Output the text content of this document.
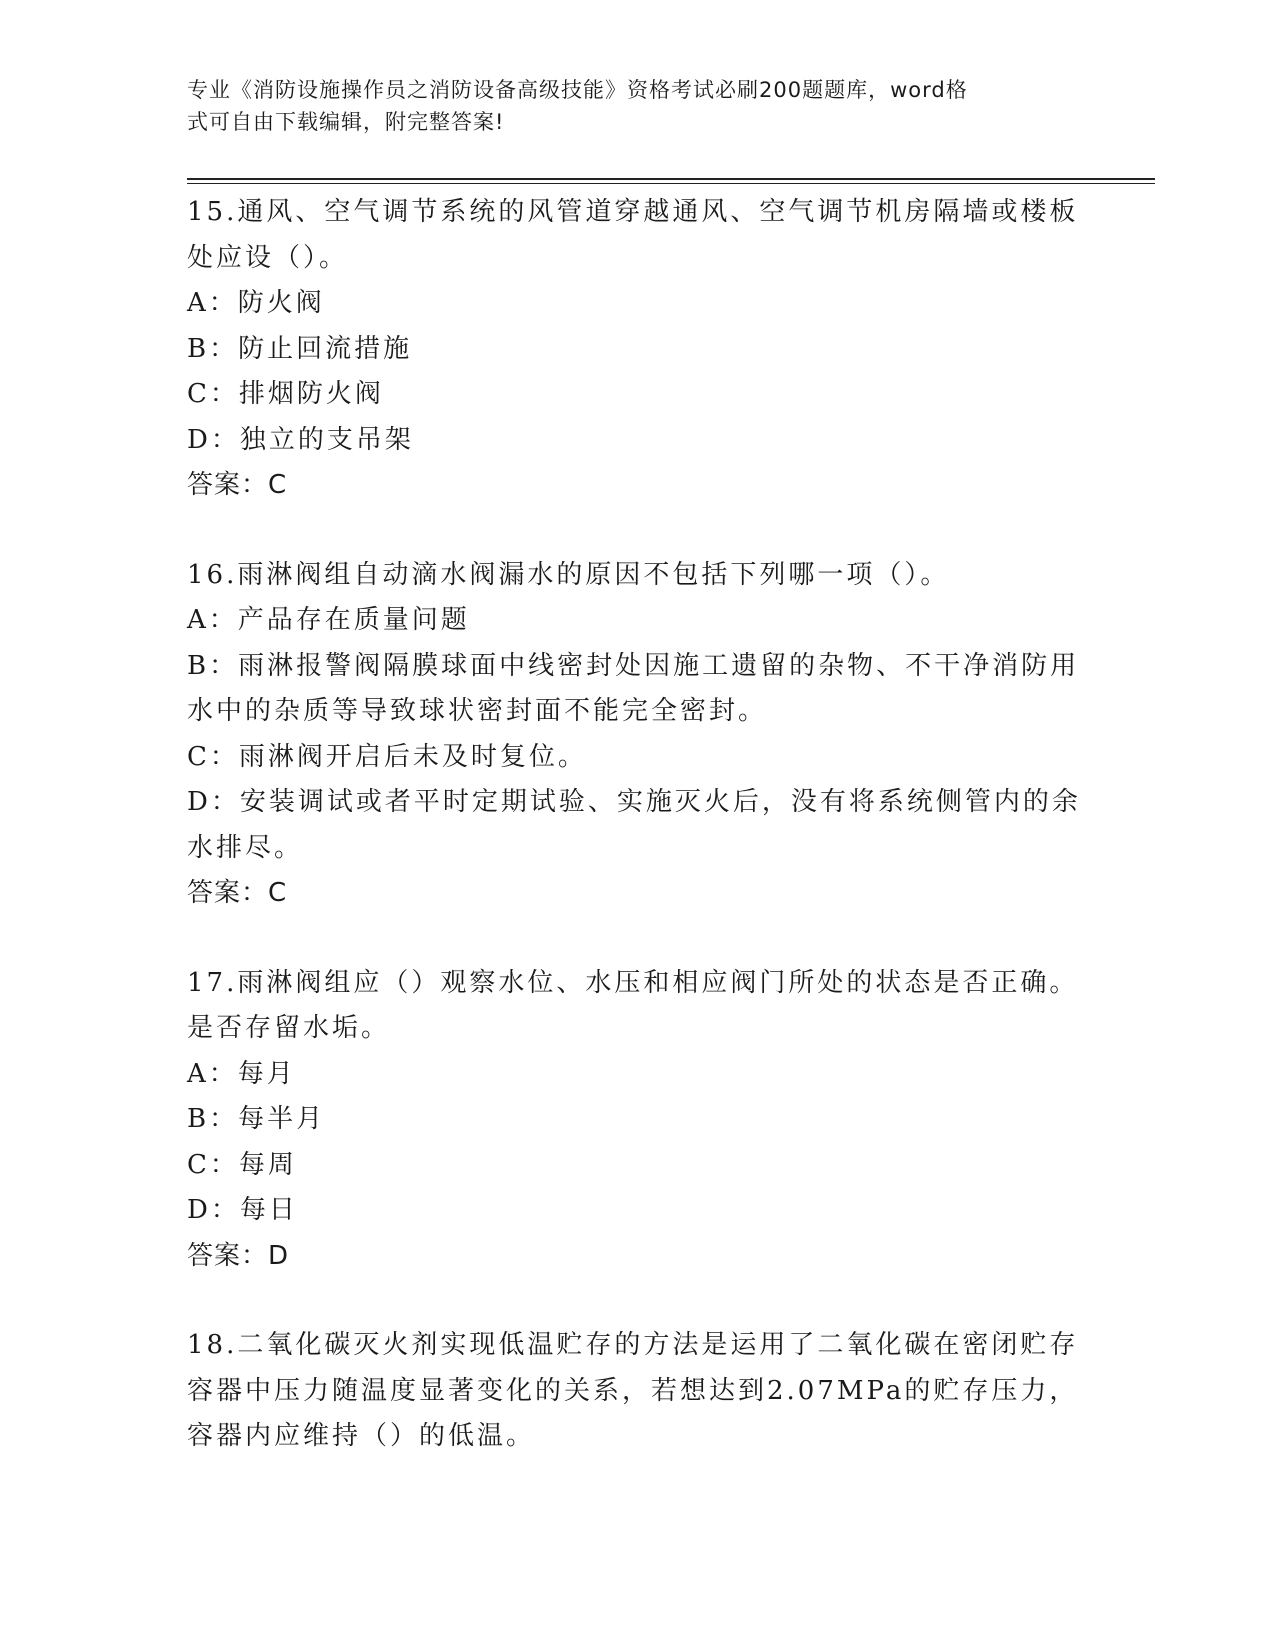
专业《消防设施操作员之消防设备高级技能》资格考试必刷200题题库，word格
式可自由下载编辑，附完整答案!
15.通风、空气调节系统的风管道穿越通风、空气调节机房隔墙或楼板
处应设（）。
A：防火阀
B：防止回流措施
C：排烟防火阀
D：独立的支吊架
答案：C
16.雨淋阀组自动滴水阀漏水的原因不包括下列哪一项（）。
A：产品存在质量问题
B：雨淋报警阀隔膜球面中线密封处因施工遗留的杂物、不干净消防用
水中的杂质等导致球状密封面不能完全密封。
C：雨淋阀开启后未及时复位。
D：安装调试或者平时定期试验、实施灭火后，没有将系统侧管内的余
水排尽。
答案：C
17.雨淋阀组应（）观察水位、水压和相应阀门所处的状态是否正确。
是否存留水垢。
A：每月
B：每半月
C：每周
D：每日
答案：D
18.二氧化碳灭火剂实现低温贮存的方法是运用了二氧化碳在密闭贮存
容器中压力随温度显著变化的关系，若想达到2.07MPa的贮存压力，
容器内应维持（）的低温。
